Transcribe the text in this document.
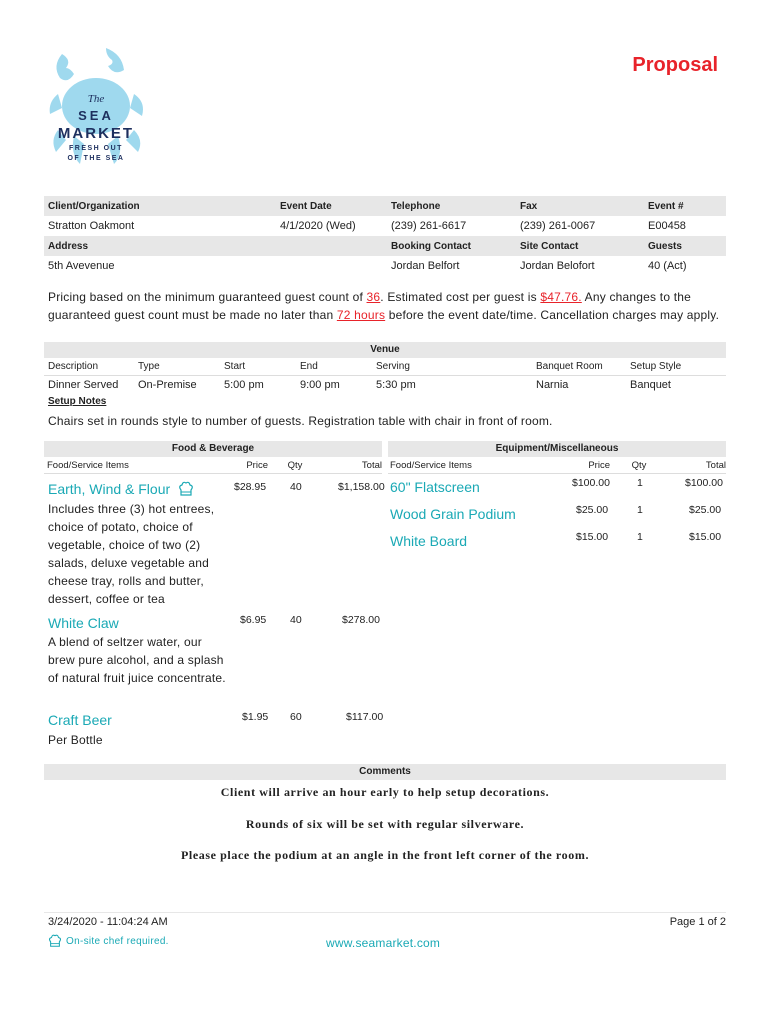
The
SEA
MARKET
FRESH OUT
OF THE SEA
Proposal
Client/Organization	Event Date	Telephone	Fax	Event #
Stratton Oakmont	4/1/2020 (Wed)	(239) 261-6617	(239) 261-0067	E00458
Address	Booking Contact	Site Contact	Guests
5th Avevenue	Jordan Belfort	Jordan Belofort	40 (Act)
Pricing based on the minimum guaranteed guest count of 36. Estimated cost per guest is $47.76. Any changes to the guaranteed guest count must be made no later than 72 hours before the event date/time. Cancellation charges may apply.
Venue
Description	Type	Start	End	Serving	Banquet Room	Setup Style
Dinner Served	On-Premise	5:00 pm	9:00 pm	5:30 pm	Narnia	Banquet
Setup Notes
Chairs set in rounds style to number of guests. Registration table with chair in front of room.
Food & Beverage	Equipment/Miscellaneous
Food/Service Items	Price	Qty	Total Food/Service Items	Price	Qty	Total
Earth, Wind & Flour	$28.95 40	$1,158.00
Includes three (3) hot entrees, choice of potato, choice of vegetable, choice of two (2) salads, deluxe vegetable and cheese tray, rolls and butter, dessert, coffee or tea
White Claw	$6.95 40	$278.00
A blend of seltzer water, our brew pure alcohol, and a splash of natural fruit juice concentrate.
Craft Beer	$1.95 60	$117.00
Per Bottle
60" Flatscreen	$100.00	1	$100.00
Wood Grain Podium	$25.00	1	$25.00
White Board	$15.00	1	$15.00
Comments
Client will arrive an hour early to help setup decorations.
Rounds of six will be set with regular silverware.
Please place the podium at an angle in the front left corner of the room.
3/24/2020 - 11:04:24 AM	Page 1 of 2
On-site chef required.	www.seamarket.com
